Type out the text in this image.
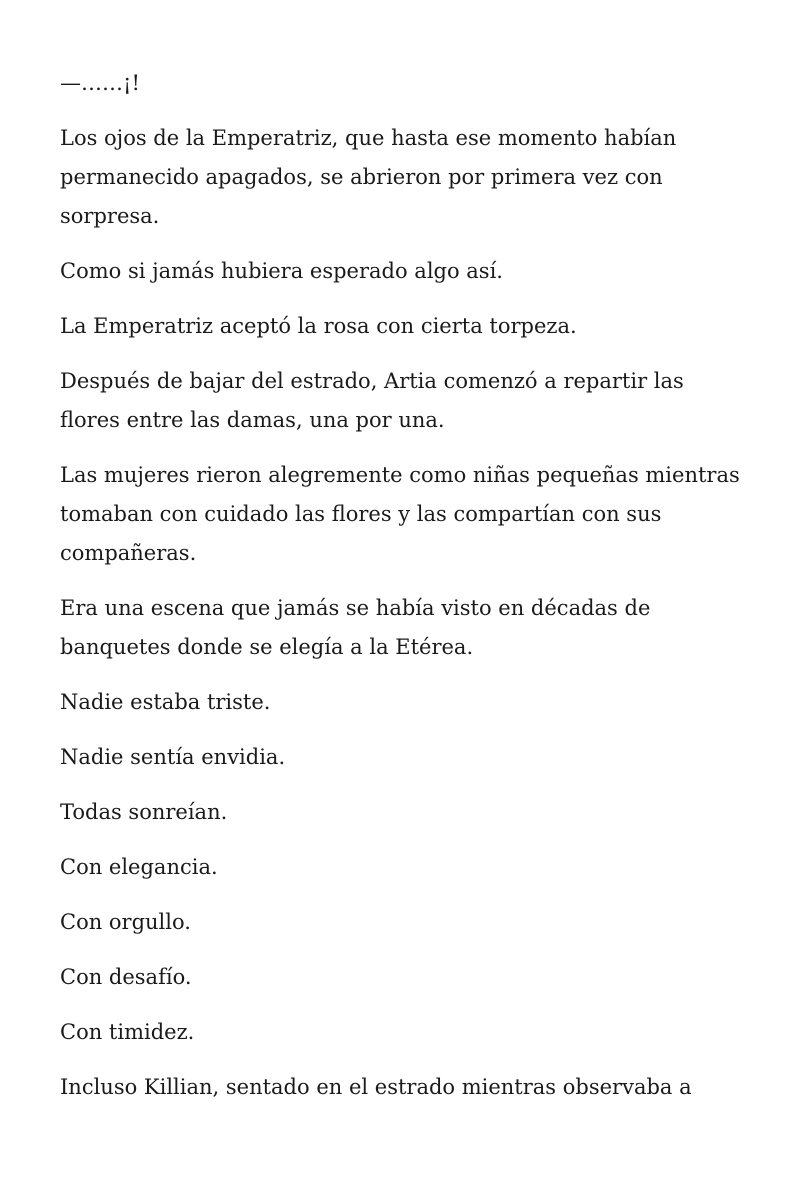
—……¡!

Los ojos de la Emperatriz, que hasta ese momento habían permanecido apagados, se abrieron por primera vez con sorpresa.

Como si jamás hubiera esperado algo así.

La Emperatriz aceptó la rosa con cierta torpeza.

Después de bajar del estrado, Artia comenzó a repartir las flores entre las damas, una por una.

Las mujeres rieron alegremente como niñas pequeñas mientras tomaban con cuidado las flores y las compartían con sus compañeras.

Era una escena que jamás se había visto en décadas de banquetes donde se elegía a la Etérea.

Nadie estaba triste.

Nadie sentía envidia.

Todas sonreían.

Con elegancia.

Con orgullo.

Con desafío.

Con timidez.

Incluso Killian, sentado en el estrado mientras observaba a
